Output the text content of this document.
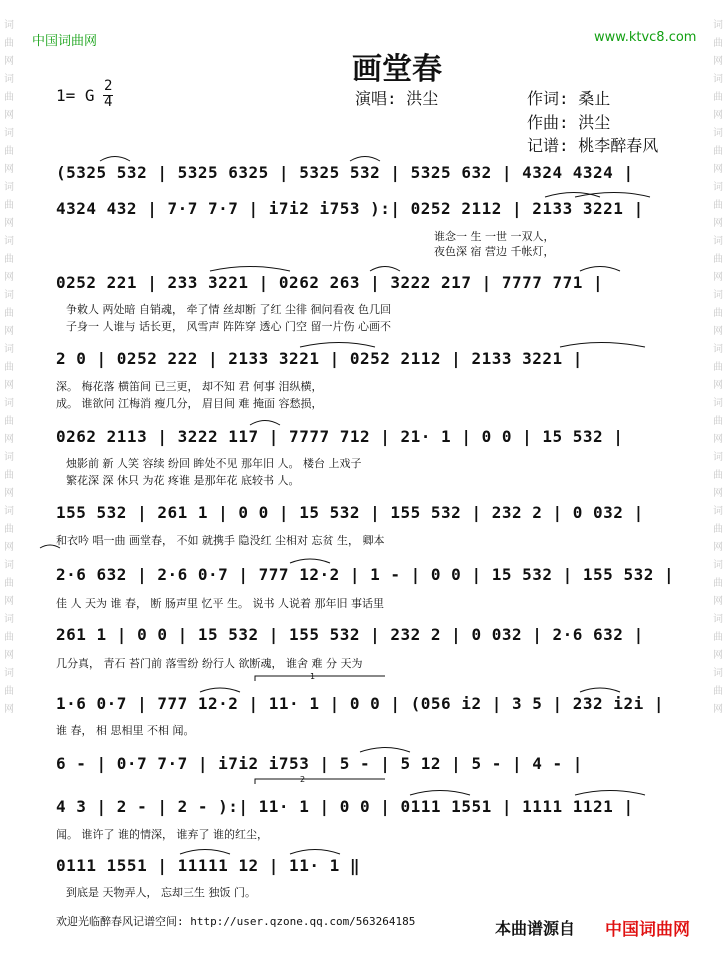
词
曲
网
词
曲
网
词
曲
网
词
曲
网
词
曲
网
词
曲
网
词
曲
网
词
曲
网
词
曲
网
词
曲
网
词
曲
网
词
曲
网
词
曲
网
词
曲
网
词
曲
网
词
曲
网
词
曲
网
词
曲
网
词
曲
网
词
曲
网
词
曲
网
词
曲
网
词
曲
网
词
曲
网
词
曲
网
词
曲
网
中国词曲网	www.ktvc8.com
画堂春
1= G 2
4	演唱: 洪尘	作词: 桑止
作曲: 洪尘
记谱: 桃李醉春风
(5325 532 | 5325 6325 | 5325 532 | 5325 632 | 4324 4324 |
4324 432 | 7·7 7·7 | i7i2 i753 ):| 0252 2112 | 2133 3221 |
谁念一 生 一世 一双人，
夜色深 宿 营边 千帐灯，
0252 221 | 233 3221 | 0262 263 | 3222 217 | 7777 771 |
争敕人 两处暗 自销魂， 牵了情 丝却断 了红 尘徘 徊问看夜 色几回
子身一 人谁与 话长更， 风雪声 阵阵穿 透心 门空 留一片伤 心画不
2 0 | 0252 222 | 2133 3221 | 0252 2112 | 2133 3221 |
深。 梅花落 横笛间 已三更， 却不知 君 何事 泪纵横，
成。 谁欲问 江梅消 瘦几分， 眉目间 难 掩面 容愁损，
0262 2113 | 3222 117 | 7777 712 | 21· 1 | 0 0 | 15 532 |
烛影前 新 人笑 容续 纷回 眸处不见 那年旧 人。 楼台 上戏子
繁花深 深 休只 为花 疼谁 是那年花 底较书 人。
155 532 | 261 1 | 0 0 | 15 532 | 155 532 | 232 2 | 0 032 |
和衣吟 唱一曲 画堂春， 不如 就携手 隐没红 尘相对 忘贫 生， 卿本
2·6 632 | 2·6 0·7 | 777 12·2 | 1 - | 0 0 | 15 532 | 155 532 |
佳 人 天为 谁 春， 断 肠声里 忆平 生。 说书 人说着 那年旧 事话里
261 1 | 0 0 | 15 532 | 155 532 | 232 2 | 0 032 | 2·6 632 |
几分真， 青石 苔门前 落雪纷 纷行人 欲断魂， 谁舍 难 分 天为
1·6 0·7 | 777 12·2 | 11· 1 | 0 0 | (056 i2 | 3 5 | 232 i2i |
谁 春， 相 思相里 不相 闻。
6 - | 0·7 7·7 | i7i2 i753 | 5 - | 5 12 | 5 - | 4 - |
4 3 | 2 - | 2 - ):| 11· 1 | 0 0 | 0111 1551 | 1111 1121 |
闻。 谁许了 谁的情深， 谁弃了 谁的红尘，
0111 1551 | 11111 12 | 11· 1 ‖
到底是 天物弄人， 忘却三生 独饭 门。
1
2
欢迎光临醉春风记谱空间: http://user.qzone.qq.com/563264185	本曲谱源自 中国词曲网
